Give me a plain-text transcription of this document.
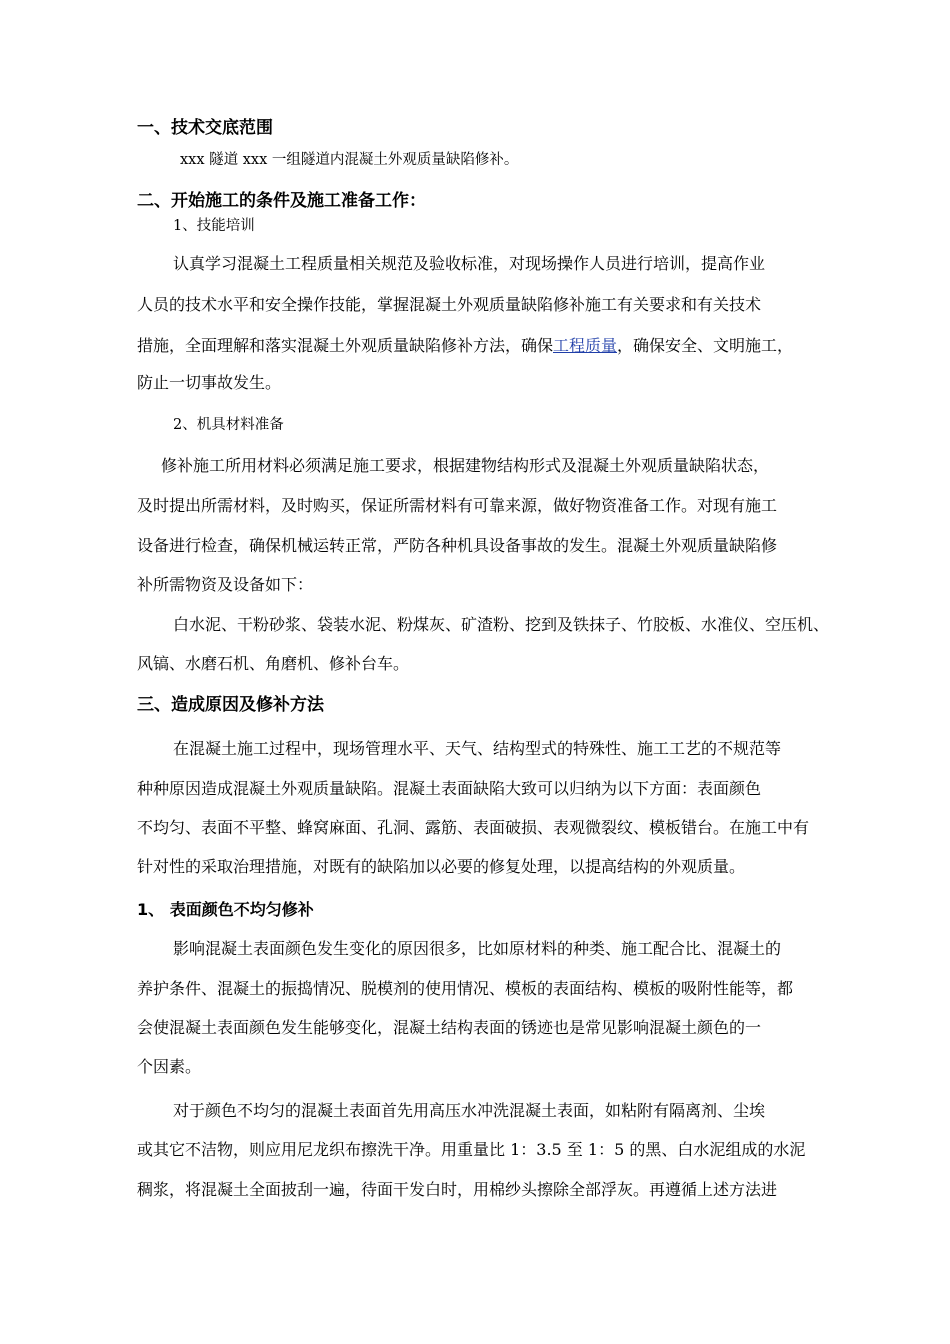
一、技术交底范围
xxx 隧道 xxx 一组隧道内混凝土外观质量缺陷修补。
二、开始施工的条件及施工准备工作：
1、技能培训
认真学习混凝土工程质量相关规范及验收标准，对现场操作人员进行培训，提高作业
人员的技术水平和安全操作技能，掌握混凝土外观质量缺陷修补施工有关要求和有关技术
措施，全面理解和落实混凝土外观质量缺陷修补方法，确保工程质量，确保安全、文明施工，
防止一切事故发生。
2、机具材料准备
修补施工所用材料必须满足施工要求，根据建物结构形式及混凝土外观质量缺陷状态，
及时提出所需材料，及时购买，保证所需材料有可靠来源，做好物资准备工作。对现有施工
设备进行检查，确保机械运转正常，严防各种机具设备事故的发生。混凝土外观质量缺陷修
补所需物资及设备如下：
白水泥、干粉砂浆、袋装水泥、粉煤灰、矿渣粉、挖到及铁抹子、竹胶板、水准仪、空压机、
风镐、水磨石机、角磨机、修补台车。
三、造成原因及修补方法
在混凝土施工过程中，现场管理水平、天气、结构型式的特殊性、施工工艺的不规范等
种种原因造成混凝土外观质量缺陷。混凝土表面缺陷大致可以归纳为以下方面：表面颜色
不均匀、表面不平整、蜂窝麻面、孔洞、露筋、表面破损、表观微裂纹、模板错台。在施工中有
针对性的采取治理措施，对既有的缺陷加以必要的修复处理，以提高结构的外观质量。
1、 表面颜色不均匀修补
影响混凝土表面颜色发生变化的原因很多，比如原材料的种类、施工配合比、混凝土的
养护条件、混凝土的振捣情况、脱模剂的使用情况、模板的表面结构、模板的吸附性能等，都
会使混凝土表面颜色发生能够变化，混凝土结构表面的锈迹也是常见影响混凝土颜色的一
个因素。
对于颜色不均匀的混凝土表面首先用高压水冲洗混凝土表面，如粘附有隔离剂、尘埃
或其它不洁物，则应用尼龙织布擦洗干净。用重量比 1：3.5 至 1：5 的黑、白水泥组成的水泥
稠浆，将混凝土全面披刮一遍，待面干发白时，用棉纱头擦除全部浮灰。再遵循上述方法进
